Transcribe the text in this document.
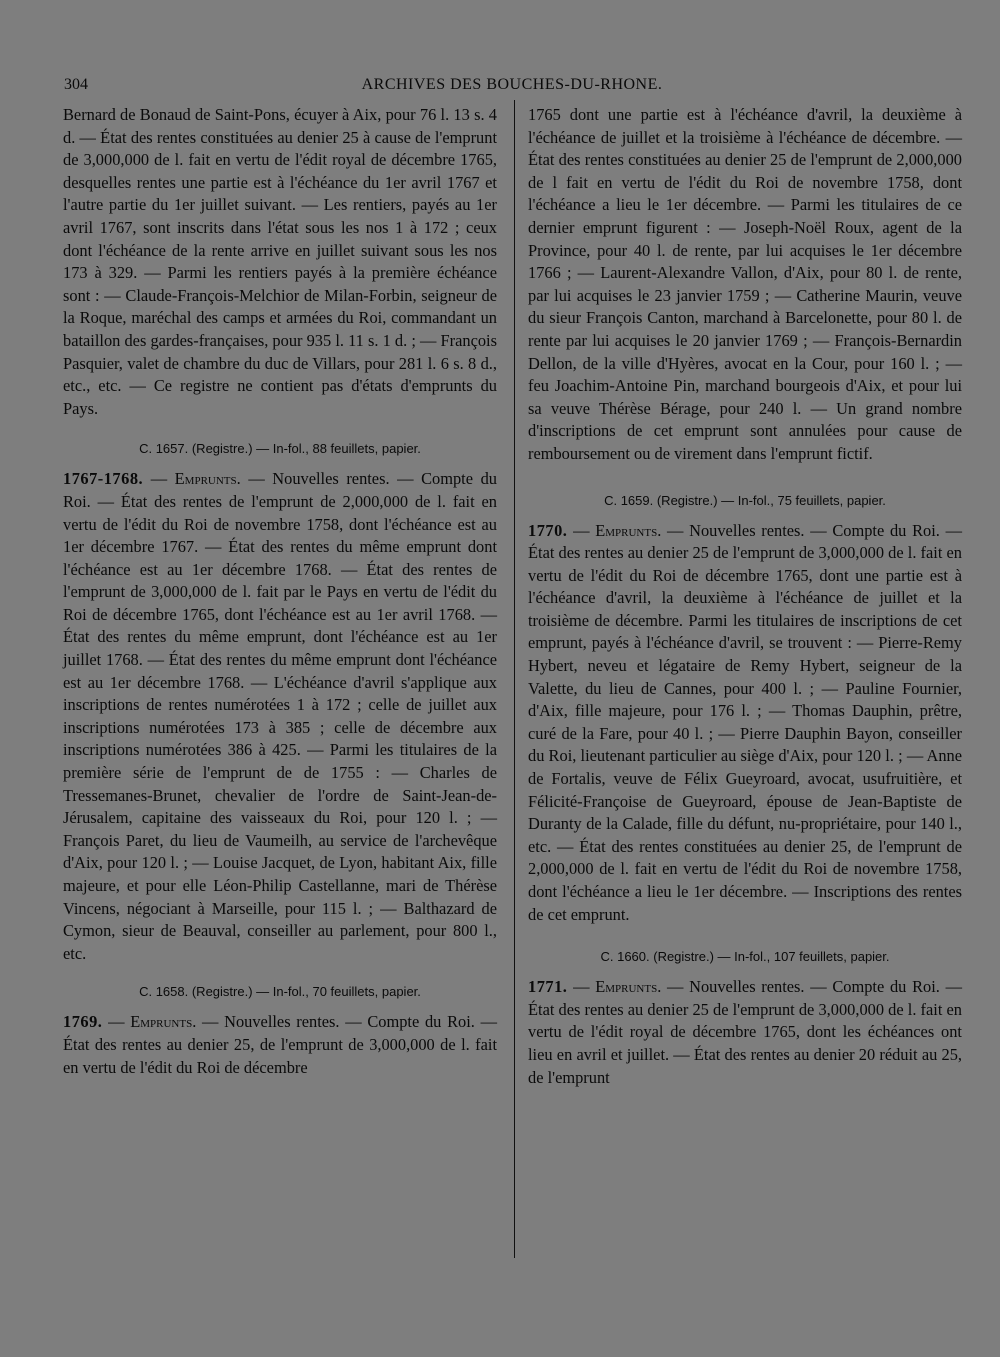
304	ARCHIVES DES BOUCHES-DU-RHONE.

Bernard de Bonaud de Saint-Pons, écuyer à Aix, pour 76 l. 13 s. 4 d. — État des rentes constituées au denier 25 à cause de l'emprunt de 3,000,000 de l. fait en vertu de l'édit royal de décembre 1765, desquelles rentes une partie est à l'échéance du 1er avril 1767 et l'autre partie du 1er juillet suivant. — Les rentiers, payés au 1er avril 1767, sont inscrits dans l'état sous les nos 1 à 172 ; ceux dont l'échéance de la rente arrive en juillet suivant sous les nos 173 à 329. — Parmi les rentiers payés à la première échéance sont : — Claude-François-Melchior de Milan-Forbin, seigneur de la Roque, maréchal des camps et armées du Roi, commandant un bataillon des gardes-françaises, pour 935 l. 11 s. 1 d. ; — François Pasquier, valet de chambre du duc de Villars, pour 281 l. 6 s. 8 d., etc., etc. — Ce registre ne contient pas d'états d'emprunts du Pays.

C. 1657. (Registre.) — In-fol., 88 feuillets, papier.

1767-1768. — Emprunts. — Nouvelles rentes. — Compte du Roi. — État des rentes de l'emprunt de 2,000,000 de l. fait en vertu de l'édit du Roi de novembre 1758, dont l'échéance est au 1er décembre 1767. — État des rentes du même emprunt dont l'échéance est au 1er décembre 1768. — État des rentes de l'emprunt de 3,000,000 de l. fait par le Pays en vertu de l'édit du Roi de décembre 1765, dont l'échéance est au 1er avril 1768. — État des rentes du même emprunt, dont l'échéance est au 1er juillet 1768. — État des rentes du même emprunt dont l'échéance est au 1er décembre 1768. — L'échéance d'avril s'applique aux inscriptions de rentes numérotées 1 à 172 ; celle de juillet aux inscriptions numérotées 173 à 385 ; celle de décembre aux inscriptions numérotées 386 à 425. — Parmi les titulaires de la première série de l'emprunt de de 1755 : — Charles de Tressemanes-Brunet, chevalier de l'ordre de Saint-Jean-de-Jérusalem, capitaine des vaisseaux du Roi, pour 120 l. ; — François Paret, du lieu de Vaumeilh, au service de l'archevêque d'Aix, pour 120 l. ; — Louise Jacquet, de Lyon, habitant Aix, fille majeure, et pour elle Léon-Philip Castellanne, mari de Thérèse Vincens, négociant à Marseille, pour 115 l. ; — Balthazard de Cymon, sieur de Beauval, conseiller au parlement, pour 800 l., etc.

C. 1658. (Registre.) — In-fol., 70 feuillets, papier.

1769. — Emprunts. — Nouvelles rentes. — Compte du Roi. — État des rentes au denier 25, de l'emprunt de 3,000,000 de l. fait en vertu de l'édit du Roi de décembre

1765 dont une partie est à l'échéance d'avril, la deuxième à l'échéance de juillet et la troisième à l'échéance de décembre. — État des rentes constituées au denier 25 de l'emprunt de 2,000,000 de l fait en vertu de l'édit du Roi de novembre 1758, dont l'échéance a lieu le 1er décembre. — Parmi les titulaires de ce dernier emprunt figurent : — Joseph-Noël Roux, agent de la Province, pour 40 l. de rente, par lui acquises le 1er décembre 1766 ; — Laurent-Alexandre Vallon, d'Aix, pour 80 l. de rente, par lui acquises le 23 janvier 1759 ; — Catherine Maurin, veuve du sieur François Canton, marchand à Barcelonette, pour 80 l. de rente par lui acquises le 20 janvier 1769 ; — François-Bernardin Dellon, de la ville d'Hyères, avocat en la Cour, pour 160 l. ; — feu Joachim-Antoine Pin, marchand bourgeois d'Aix, et pour lui sa veuve Thérèse Bérage, pour 240 l. — Un grand nombre d'inscriptions de cet emprunt sont annulées pour cause de remboursement ou de virement dans l'emprunt fictif.

C. 1659. (Registre.) — In-fol., 75 feuillets, papier.

1770. — Emprunts. — Nouvelles rentes. — Compte du Roi. — État des rentes au denier 25 de l'emprunt de 3,000,000 de l. fait en vertu de l'édit du Roi de décembre 1765, dont une partie est à l'échéance d'avril, la deuxième à l'échéance de juillet et la troisième de décembre. Parmi les titulaires de inscriptions de cet emprunt, payés à l'échéance d'avril, se trouvent : — Pierre-Remy Hybert, neveu et légataire de Remy Hybert, seigneur de la Valette, du lieu de Cannes, pour 400 l. ; — Pauline Fournier, d'Aix, fille majeure, pour 176 l. ; — Thomas Dauphin, prêtre, curé de la Fare, pour 40 l. ; — Pierre Dauphin Bayon, conseiller du Roi, lieutenant particulier au siège d'Aix, pour 120 l. ; — Anne de Fortalis, veuve de Félix Gueyroard, avocat, usufruitière, et Félicité-Françoise de Gueyroard, épouse de Jean-Baptiste de Duranty de la Calade, fille du défunt, nu-propriétaire, pour 140 l., etc. — État des rentes constituées au denier 25, de l'emprunt de 2,000,000 de l. fait en vertu de l'édit du Roi de novembre 1758, dont l'échéance a lieu le 1er décembre. — Inscriptions des rentes de cet emprunt.

C. 1660. (Registre.) — In-fol., 107 feuillets, papier.

1771. — Emprunts. — Nouvelles rentes. — Compte du Roi. — État des rentes au denier 25 de l'emprunt de 3,000,000 de l. fait en vertu de l'édit royal de décembre 1765, dont les échéances ont lieu en avril et juillet. — État des rentes au denier 20 réduit au 25, de l'emprunt
